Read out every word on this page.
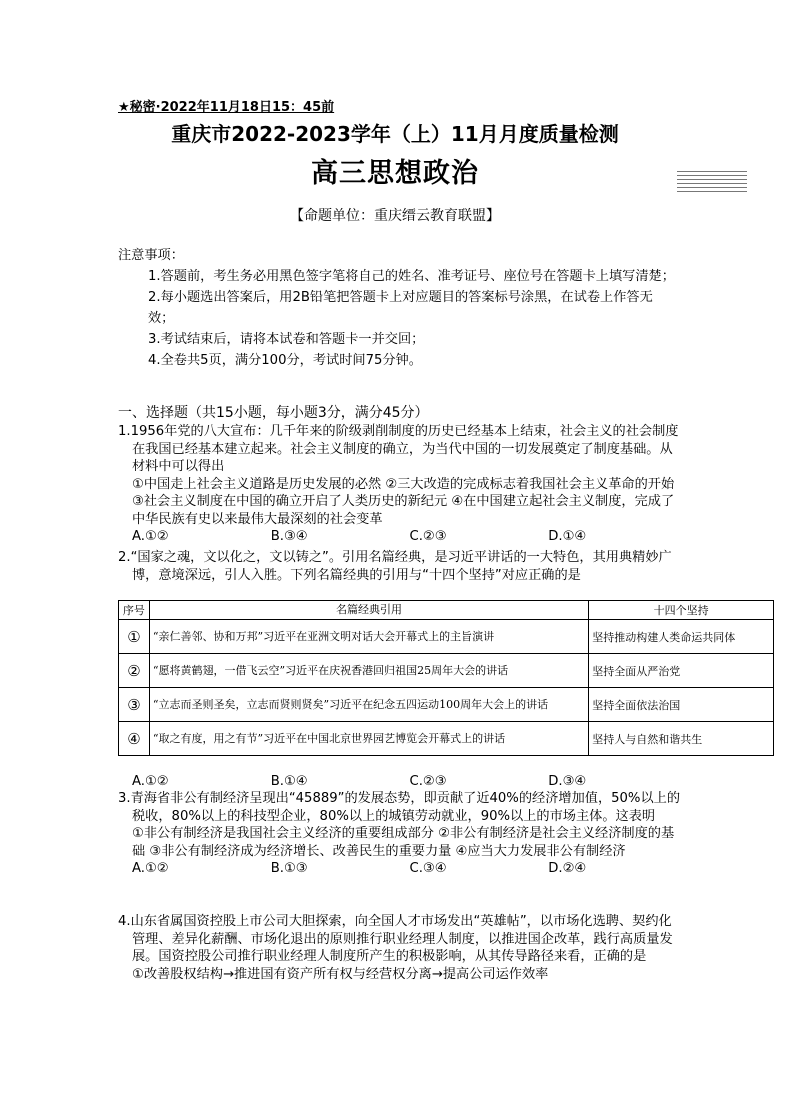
★秘密·2022年11月18日15：45前
重庆市2022-2023学年（上）11月月度质量检测
高三思想政治
【命题单位：重庆缙云教育联盟】
注意事项：
1.答题前，考生务必用黑色签字笔将自己的姓名、准考证号、座位号在答题卡上填写清楚；
2.每小题选出答案后，用2B铅笔把答题卡上对应题目的答案标号涂黑，在试卷上作答无效；
3.考试结束后，请将本试卷和答题卡一并交回；
4.全卷共5页，满分100分，考试时间75分钟。
一、选择题（共15小题，每小题3分，满分45分）
1.1956年党的八大宣布：几千年来的阶级剥削制度的历史已经基本上结束，社会主义的社会制度在我国已经基本建立起来。社会主义制度的确立，为当代中国的一切发展奠定了制度基础。从材料中可以得出
①中国走上社会主义道路是历史发展的必然 ②三大改造的完成标志着我国社会主义革命的开始 ③社会主义制度在中国的确立开启了人类历史的新纪元 ④在中国建立起社会主义制度，完成了中华民族有史以来最伟大最深刻的社会变革
A.①②	B.③④	C.②③	D.①④
2.“国家之魂，文以化之，文以铸之”。引用名篇经典，是习近平讲话的一大特色，其用典精妙广博，意境深远，引人入胜。下列名篇经典的引用与“十四个坚持”对应正确的是
序号	名篇经典引用	十四个坚持
①	“亲仁善邻、协和万邦”习近平在亚洲文明对话大会开幕式上的主旨演讲	坚持推动构建人类命运共同体
②	“愿将黄鹤翅，一借飞云空”习近平在庆祝香港回归祖国25周年大会的讲话	坚持全面从严治党
③	“立志而圣则圣矣，立志而贤则贤矣”习近平在纪念五四运动100周年大会上的讲话	坚持全面依法治国
④	“取之有度，用之有节”习近平在中国北京世界园艺博览会开幕式上的讲话	坚持人与自然和谐共生
A.①②	B.①④	C.②③	D.③④
3.青海省非公有制经济呈现出“45889”的发展态势，即贡献了近40%的经济增加值，50%以上的税收，80%以上的科技型企业，80%以上的城镇劳动就业，90%以上的市场主体。这表明
①非公有制经济是我国社会主义经济的重要组成部分 ②非公有制经济是社会主义经济制度的基础 ③非公有制经济成为经济增长、改善民生的重要力量 ④应当大力发展非公有制经济
A.①②	B.①③	C.③④	D.②④
4.山东省属国资控股上市公司大胆探索，向全国人才市场发出“英雄帖”，以市场化选聘、契约化管理、差异化薪酬、市场化退出的原则推行职业经理人制度，以推进国企改革，践行高质量发展。国资控股公司推行职业经理人制度所产生的积极影响，从其传导路径来看，正确的是
①改善股权结构→推进国有资产所有权与经营权分离→提高公司运作效率
